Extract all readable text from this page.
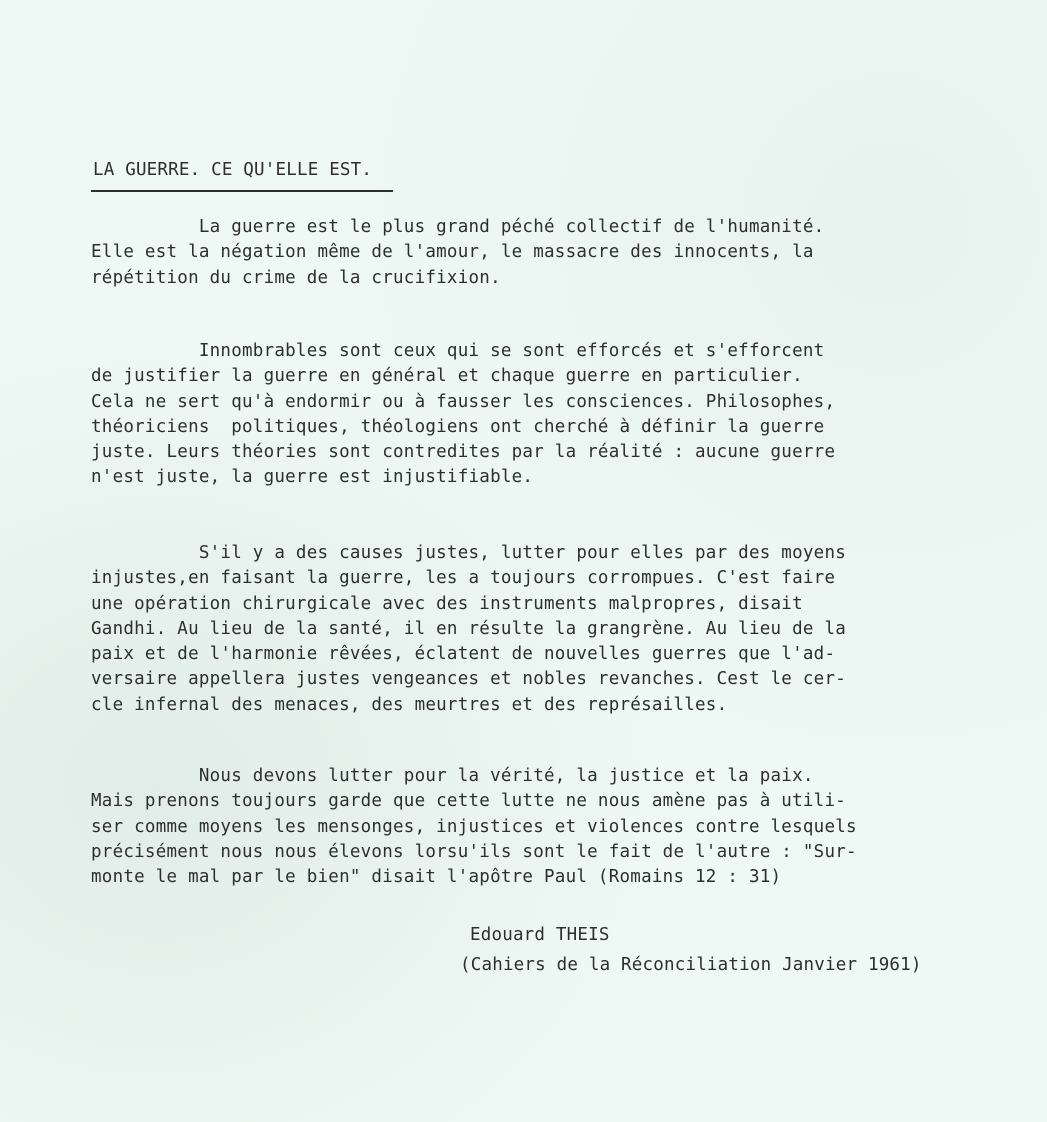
LA GUERRE. CE QU'ELLE EST.
La guerre est le plus grand péché collectif de l'humanité.
Elle est la négation même de l'amour, le massacre des innocents, la
répétition du crime de la crucifixion.
Innombrables sont ceux qui se sont efforcés et s'efforcent
de justifier la guerre en général et chaque guerre en particulier.
Cela ne sert qu'à endormir ou à fausser les consciences. Philosophes,
théoriciens  politiques, théologiens ont cherché à définir la guerre
juste. Leurs théories sont contredites par la réalité : aucune guerre
n'est juste, la guerre est injustifiable.
S'il y a des causes justes, lutter pour elles par des moyens
injustes,en faisant la guerre, les a toujours corrompues. C'est faire
une opération chirurgicale avec des instruments malpropres, disait
Gandhi. Au lieu de la santé, il en résulte la grangrène. Au lieu de la
paix et de l'harmonie rêvées, éclatent de nouvelles guerres que l'ad-
versaire appellera justes vengeances et nobles revanches. Cest le cer-
cle infernal des menaces, des meurtres et des représailles.
Nous devons lutter pour la vérité, la justice et la paix.
Mais prenons toujours garde que cette lutte ne nous amène pas à utili-
ser comme moyens les mensonges, injustices et violences contre lesquels
précisément nous nous élevons lorsu'ils sont le fait de l'autre : "Sur-
monte le mal par le bien" disait l'apôtre Paul (Romains 12 : 31)
Edouard THEIS
(Cahiers de la Réconciliation Janvier 1961)
